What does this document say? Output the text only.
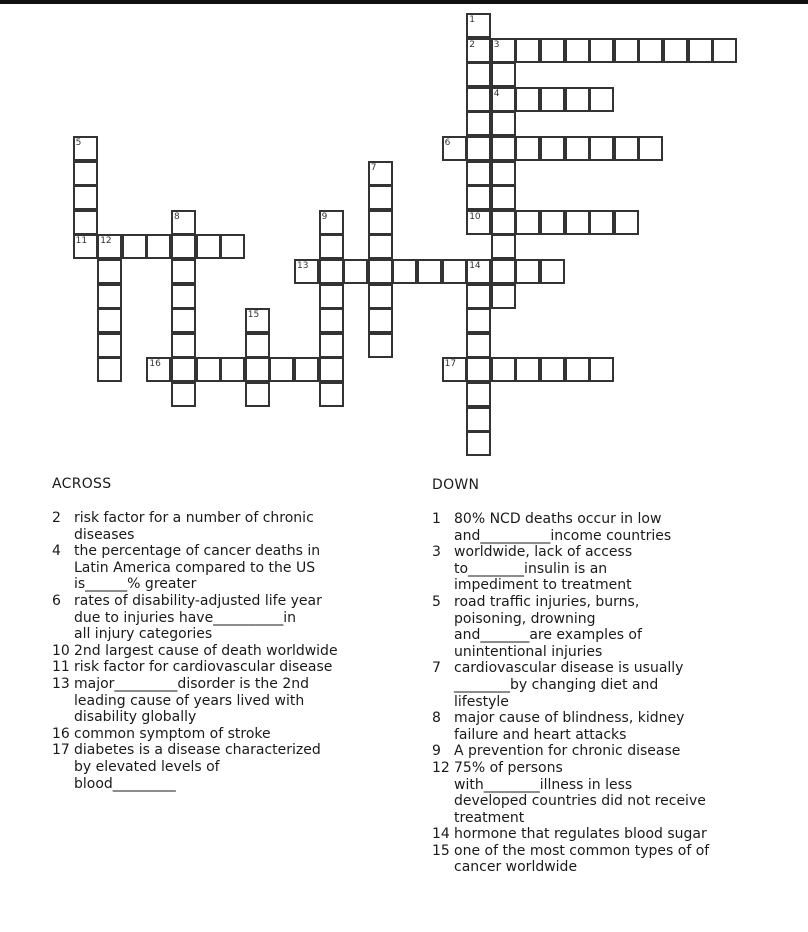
1
2 3
4
5
11
6
7
8	9	10
12
13	14
15
16	17
ACROSS	DOWN
2 risk factor for a number of chronic
diseases
4 the percentage of cancer deaths in
Latin America compared to the US
is______% greater
6 rates of disability-adjusted life year
due to injuries have__________in
all injury categories
10 2nd largest cause of death worldwide
11 risk factor for cardiovascular disease
13 major_________disorder is the 2nd
leading cause of years lived with
disability globally
16 common symptom of stroke
17 diabetes is a disease characterized
by elevated levels of
blood_________
1 80% NCD deaths occur in low
and__________income countries
3 worldwide, lack of access
to________insulin is an
impediment to treatment
5 road traffic injuries, burns,
poisoning, drowning
and_______are examples of
unintentional injuries
7 cardiovascular disease is usually
________by changing diet and
lifestyle
8 major cause of blindness, kidney
failure and heart attacks
9 A prevention for chronic disease
12 75% of persons
with________illness in less
developed countries did not receive
treatment
14 hormone that regulates blood sugar
15 one of the most common types of of
cancer worldwide
